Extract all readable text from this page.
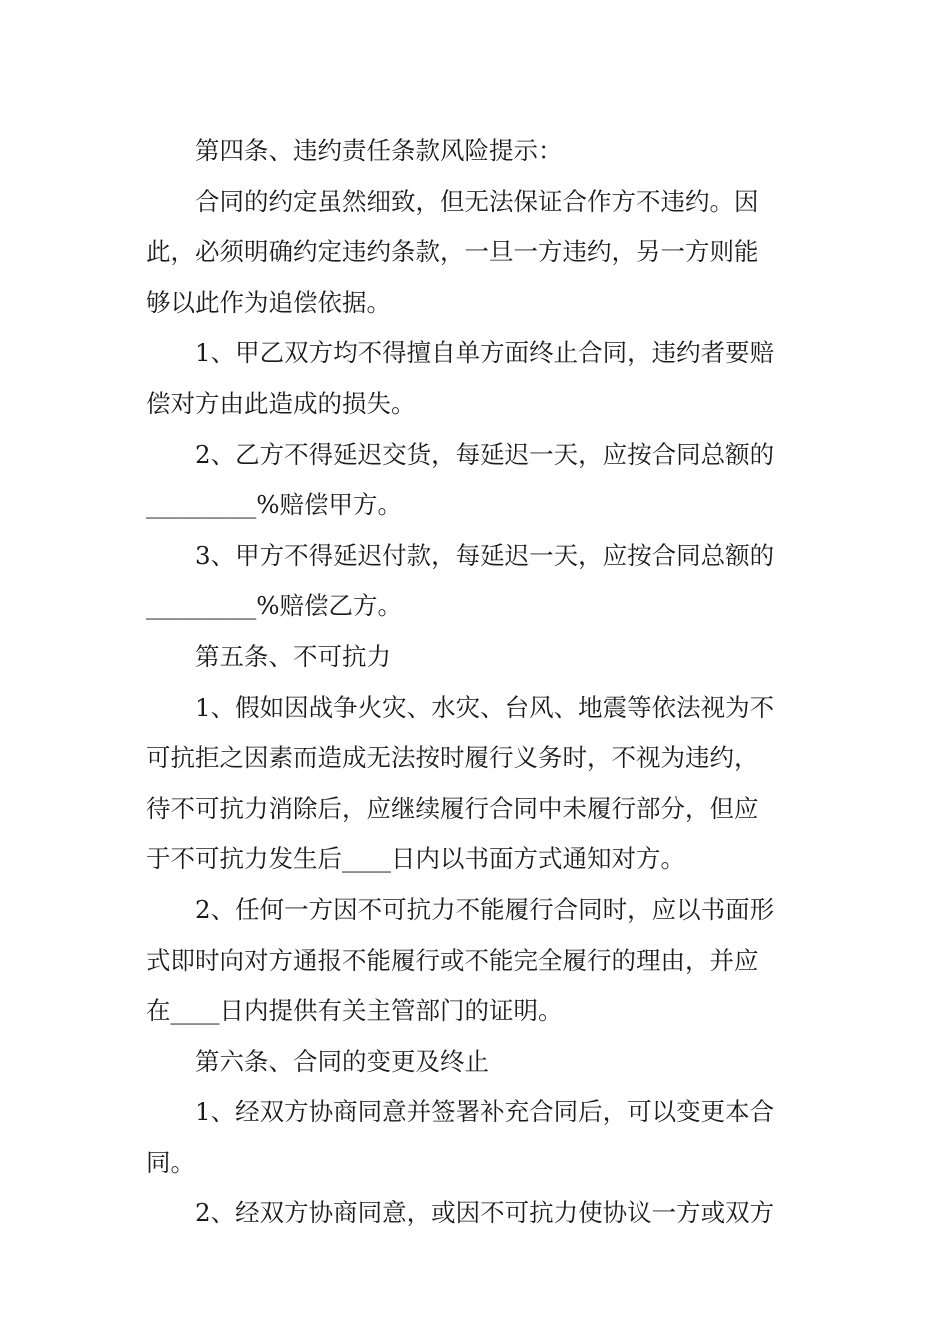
第四条、违约责任条款风险提示：

合同的约定虽然细致，但无法保证合作方不违约。因
此，必须明确约定违约条款，一旦一方违约，另一方则能
够以此作为追偿依据。

1、甲乙双方均不得擅自单方面终止合同，违约者要赔
偿对方由此造成的损失。

2、乙方不得延迟交货，每延迟一天，应按合同总额的
_________%赔偿甲方。

3、甲方不得延迟付款，每延迟一天，应按合同总额的
_________%赔偿乙方。

第五条、不可抗力

1、假如因战争火灾、水灾、台风、地震等依法视为不
可抗拒之因素而造成无法按时履行义务时，不视为违约，
待不可抗力消除后，应继续履行合同中未履行部分，但应
于不可抗力发生后____日内以书面方式通知对方。

2、任何一方因不可抗力不能履行合同时，应以书面形
式即时向对方通报不能履行或不能完全履行的理由，并应
在____日内提供有关主管部门的证明。

第六条、合同的变更及终止

1、经双方协商同意并签署补充合同后，可以变更本合
同。

2、经双方协商同意，或因不可抗力使协议一方或双方
